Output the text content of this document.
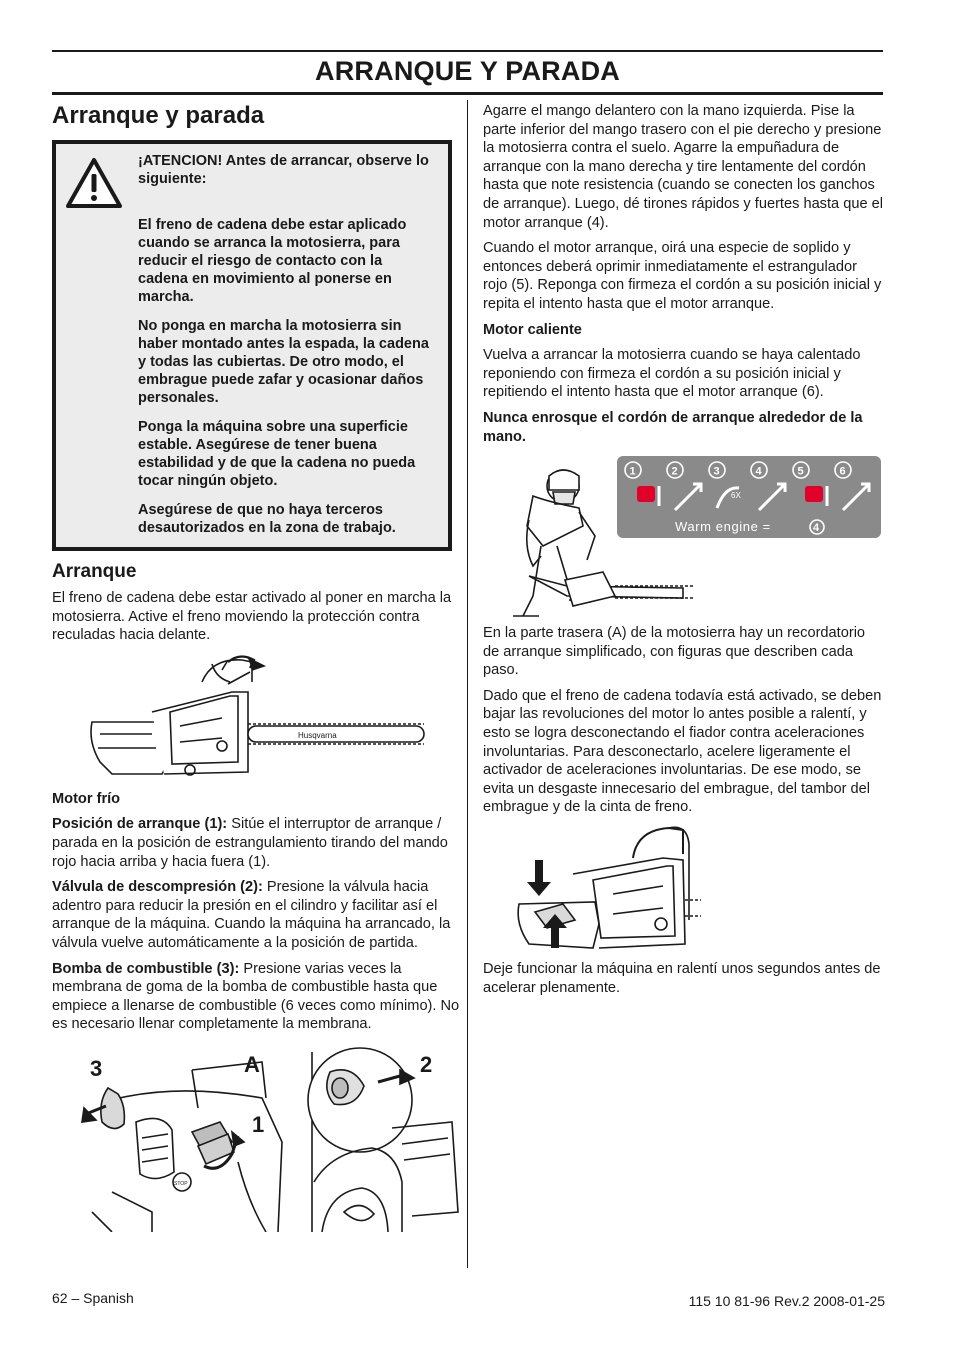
ARRANQUE Y PARADA
Arranque y parada

¡ATENCION! Antes de arrancar, observe lo siguiente:

El freno de cadena debe estar aplicado cuando se arranca la motosierra, para reducir el riesgo de contacto con la cadena en movimiento al ponerse en marcha.

No ponga en marcha la motosierra sin haber montado antes la espada, la cadena y todas las cubiertas. De otro modo, el embrague puede zafar y ocasionar daños personales.

Ponga la máquina sobre una superficie estable. Asegúrese de tener buena estabilidad y de que la cadena no pueda tocar ningún objeto.

Asegúrese de que no haya terceros desautorizados en la zona de trabajo.

Arranque

El freno de cadena debe estar activado al poner en marcha la motosierra. Active el freno moviendo la protección contra reculadas hacia delante.

Husqvarna

Motor frío

Posición de arranque (1): Sitúe el interruptor de arranque / parada en la posición de estrangulamiento tirando del mando rojo hacia arriba y hacia fuera (1).

Válvula de descompresión (2): Presione la válvula hacia adentro para reducir la presión en el cilindro y facilitar así el arranque de la máquina. Cuando la máquina ha arrancado, la válvula vuelve automáticamente a la posición de partida.

Bomba de combustible (3): Presione varias veces la membrana de goma de la bomba de combustible hasta que empiece a llenarse de combustible (6 veces como mínimo). No es necesario llenar completamente la membrana.

3	A
1
2
STOP

Agarre el mango delantero con la mano izquierda. Pise la parte inferior del mango trasero con el pie derecho y presione la motosierra contra el suelo. Agarre la empuñadura de arranque con la mano derecha y tire lentamente del cordón hasta que note resistencia (cuando se conecten los ganchos de arranque). Luego, dé tirones rápidos y fuertes hasta que el motor arranque (4).

Cuando el motor arranque, oirá una especie de soplido y entonces deberá oprimir inmediatamente el estrangulador rojo (5). Reponga con firmeza el cordón a su posición inicial y repita el intento hasta que el motor arranque.

Motor caliente

Vuelva a arrancar la motosierra cuando se haya calentado reponiendo con firmeza el cordón a su posición inicial y repitiendo el intento hasta que el motor arranque (6).

Nunca enrosque el cordón de arranque alrededor de la mano.

1	2	3
6X
4	5	6
Warm engine =	4

En la parte trasera (A) de la motosierra hay un recordatorio de arranque simplificado, con figuras que describen cada paso.

Dado que el freno de cadena todavía está activado, se deben bajar las revoluciones del motor lo antes posible a ralentí, y esto se logra desconectando el fiador contra aceleraciones involuntarias. Para desconectarlo, acelere ligeramente el activador de aceleraciones involuntarias. De ese modo, se evita un desgaste innecesario del embrague, del tambor del embrague y de la cinta de freno.

Deje funcionar la máquina en ralentí unos segundos antes de acelerar plenamente.

62 – Spanish	115 10 81-96 Rev.2 2008-01-25
